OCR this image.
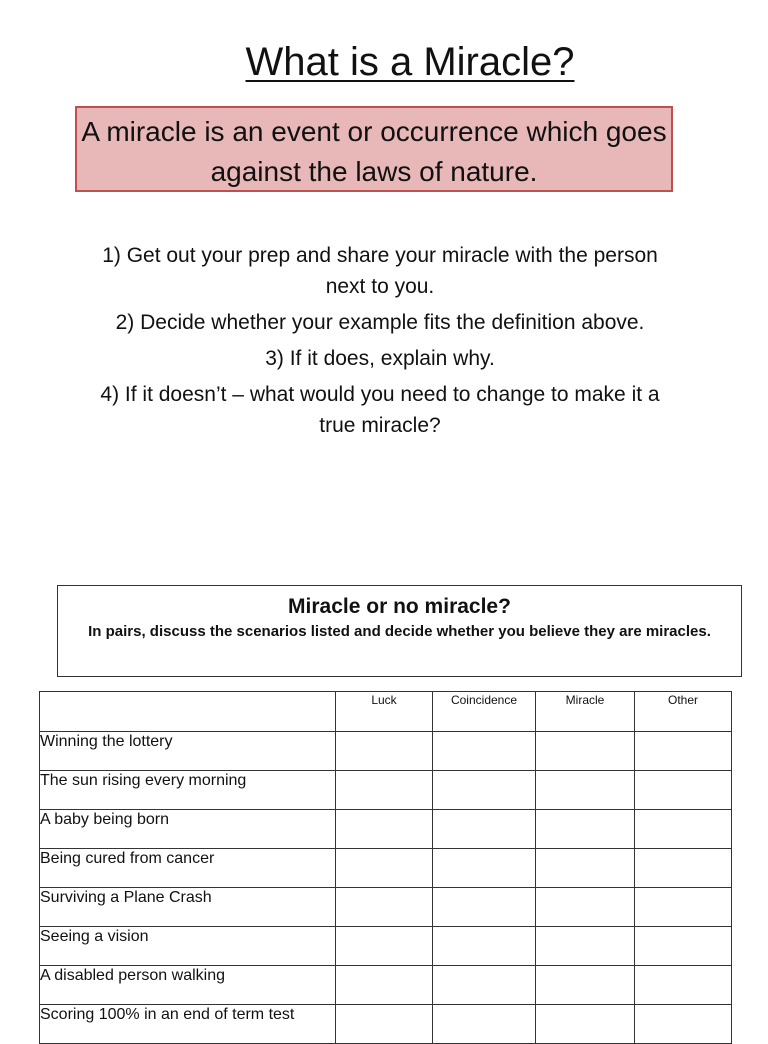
What is a Miracle?
A miracle is an event or occurrence which goes against the laws of nature.

1) Get out your prep and share your miracle with the person next to you.

2) Decide whether your example fits the definition above.

3) If it does, explain why.

4) If it doesn’t – what would you need to change to make it a true miracle?

Miracle or no miracle?
In pairs, discuss the scenarios listed and decide whether you believe they are miracles.
	Luck	Coincidence	Miracle	Other
Winning the lottery				
The sun rising every morning				
A baby being born				
Being cured from cancer				
Surviving a Plane Crash				
Seeing a vision				
A disabled person walking				
Scoring 100% in an end of term test				
